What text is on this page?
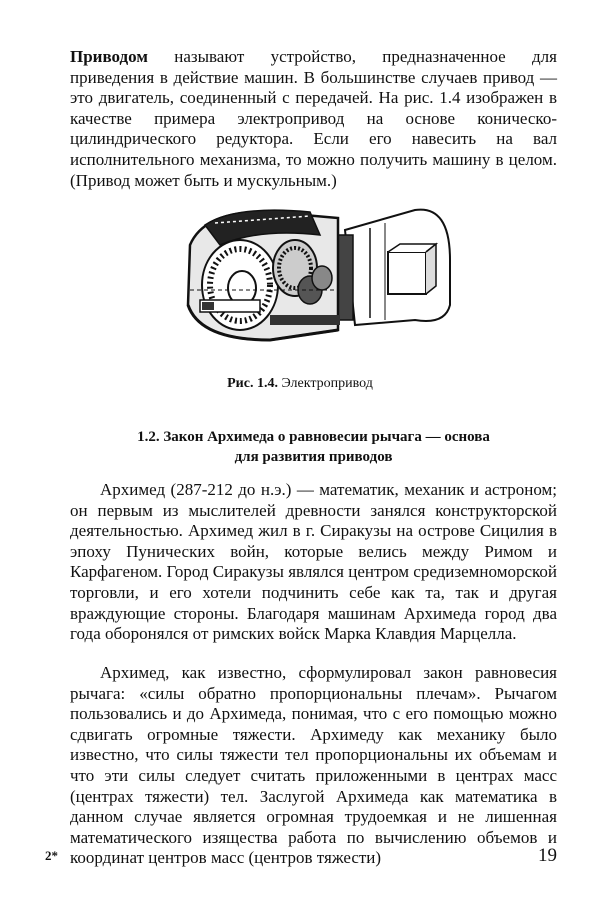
Приводом называют устройство, предназначенное для приведения в действие машин. В большинстве случаев привод — это двигатель, соединенный с передачей. На рис. 1.4 изображен в качестве примера электропривод на основе коническо-цилиндрического редуктора. Если его навесить на вал исполнительного механизма, то можно получить машину в целом. (Привод может быть и мускульным.)

Рис. 1.4. Электропривод
1.2. Закон Архимеда о равновесии рычага — основа
для развития приводов

Архимед (287-212 до н.э.) — математик, механик и астроном; он первым из мыслителей древности занялся конструкторской деятельностью. Архимед жил в г. Сиракузы на острове Сицилия в эпоху Пунических войн, которые велись между Римом и Карфагеном. Город Сиракузы являлся центром средиземноморской торговли, и его хотели подчинить себе как та, так и другая враждующие стороны. Благодаря машинам Архимеда город два года оборонялся от римских войск Марка Клавдия Марцелла.

Архимед, как известно, сформулировал закон равновесия рычага: «силы обратно пропорциональны плечам». Рычагом пользовались и до Архимеда, понимая, что с его помощью можно сдвигать огромные тяжести. Архимеду как механику было известно, что силы тяжести тел пропорциональны их объемам и что эти силы следует считать приложенными в центрах масс (центрах тяжести) тел. Заслугой Архимеда как математика в данном случае является огромная трудоемкая и не лишенная математического изящества работа по вычислению объемов и координат центров масс (центров тяжести)

2*	19
